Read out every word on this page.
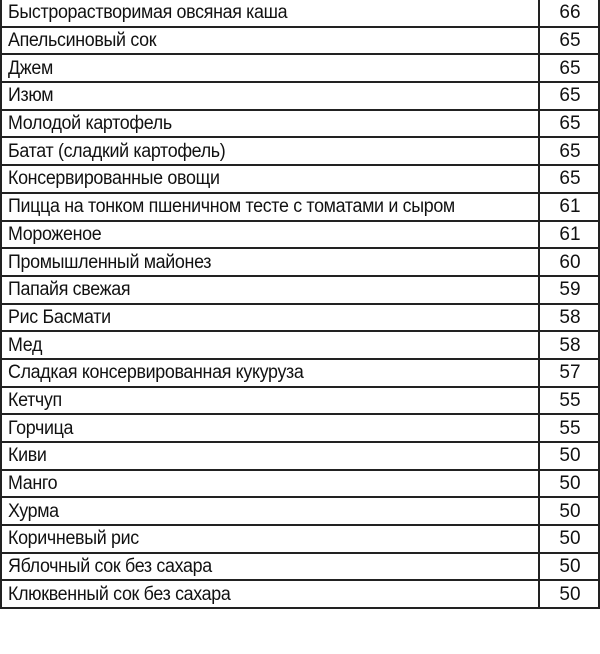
Быстрорастворимая овсяная каша	66
Апельсиновый сок	65
Джем	65
Изюм	65
Молодой картофель	65
Батат (сладкий картофель)	65
Консервированные овощи	65
Пицца на тонком пшеничном тесте с томатами и сыром	61
Мороженое	61
Промышленный майонез	60
Папайя свежая	59
Рис Басмати	58
Мед	58
Сладкая консервированная кукуруза	57
Кетчуп	55
Горчица	55
Киви	50
Манго	50
Хурма	50
Коричневый рис	50
Яблочный сок без сахара	50
Клюквенный сок без сахара	50
